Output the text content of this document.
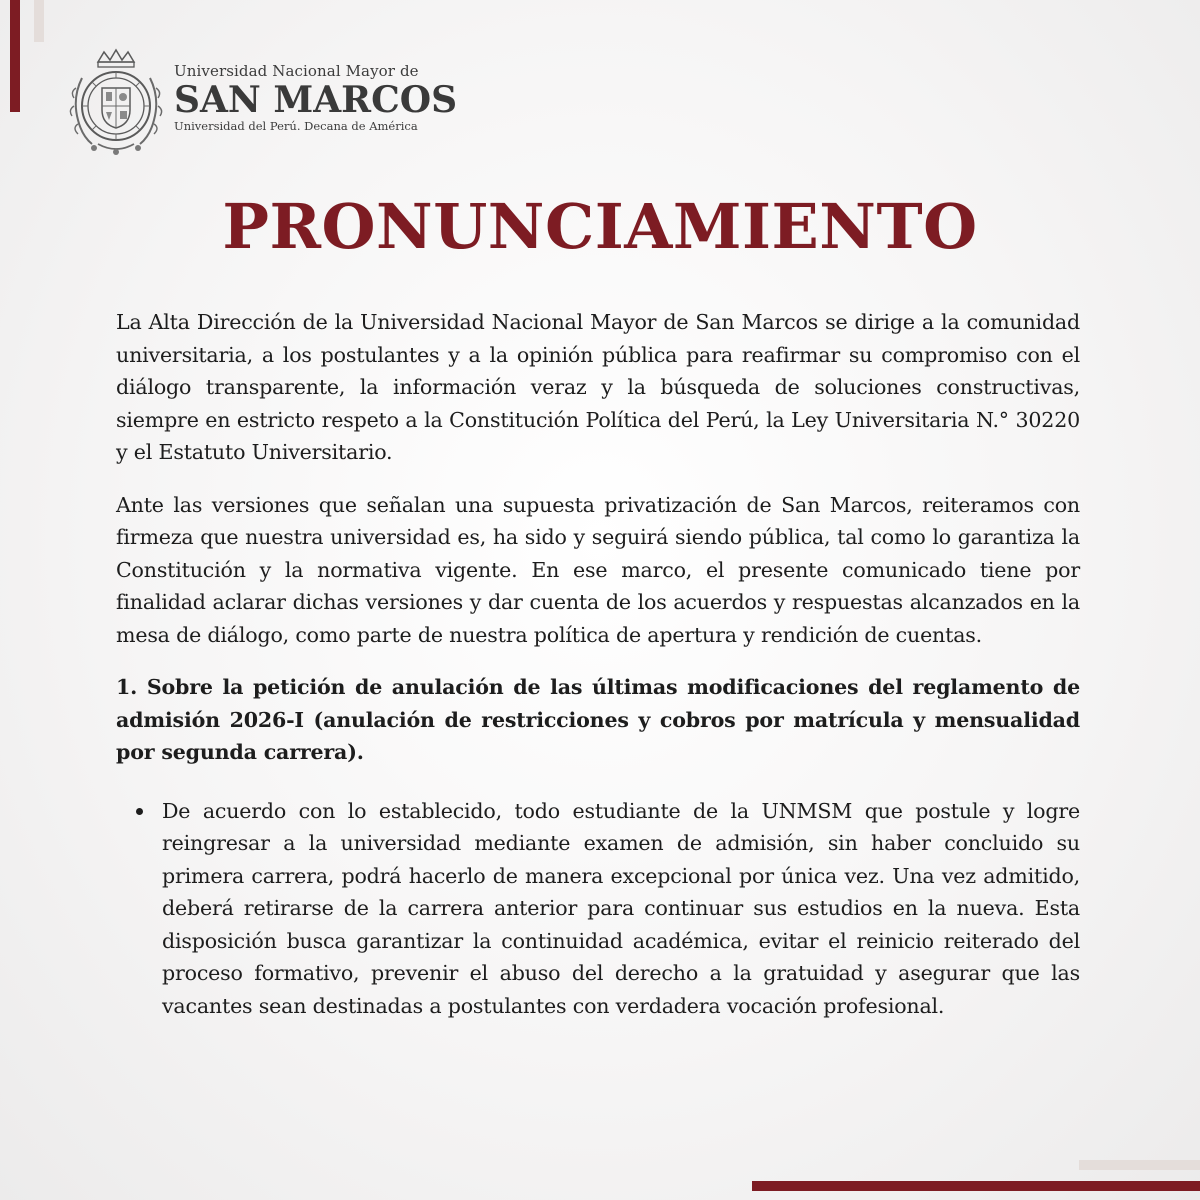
Universidad Nacional Mayor de
SAN MARCOS
Universidad del Perú. Decana de América
PRONUNCIAMIENTO

La Alta Dirección de la Universidad Nacional Mayor de San Marcos se dirige a la comunidad universitaria, a los postulantes y a la opinión pública para reafirmar su compromiso con el diálogo transparente, la información veraz y la búsqueda de soluciones constructivas, siempre en estricto respeto a la Constitución Política del Perú, la Ley Universitaria N.° 30220 y el Estatuto Universitario.

Ante las versiones que señalan una supuesta privatización de San Marcos, reiteramos con firmeza que nuestra universidad es, ha sido y seguirá siendo pública, tal como lo garantiza la Constitución y la normativa vigente. En ese marco, el presente comunicado tiene por finalidad aclarar dichas versiones y dar cuenta de los acuerdos y respuestas alcanzados en la mesa de diálogo, como parte de nuestra política de apertura y rendición de cuentas.

1. Sobre la petición de anulación de las últimas modificaciones del reglamento de admisión 2026-I (anulación de restricciones y cobros por matrícula y mensualidad por segunda carrera).

De acuerdo con lo establecido, todo estudiante de la UNMSM que postule y logre reingresar a la universidad mediante examen de admisión, sin haber concluido su primera carrera, podrá hacerlo de manera excepcional por única vez. Una vez admitido, deberá retirarse de la carrera anterior para continuar sus estudios en la nueva. Esta disposición busca garantizar la continuidad académica, evitar el reinicio reiterado del proceso formativo, prevenir el abuso del derecho a la gratuidad y asegurar que las vacantes sean destinadas a postulantes con verdadera vocación profesional.
